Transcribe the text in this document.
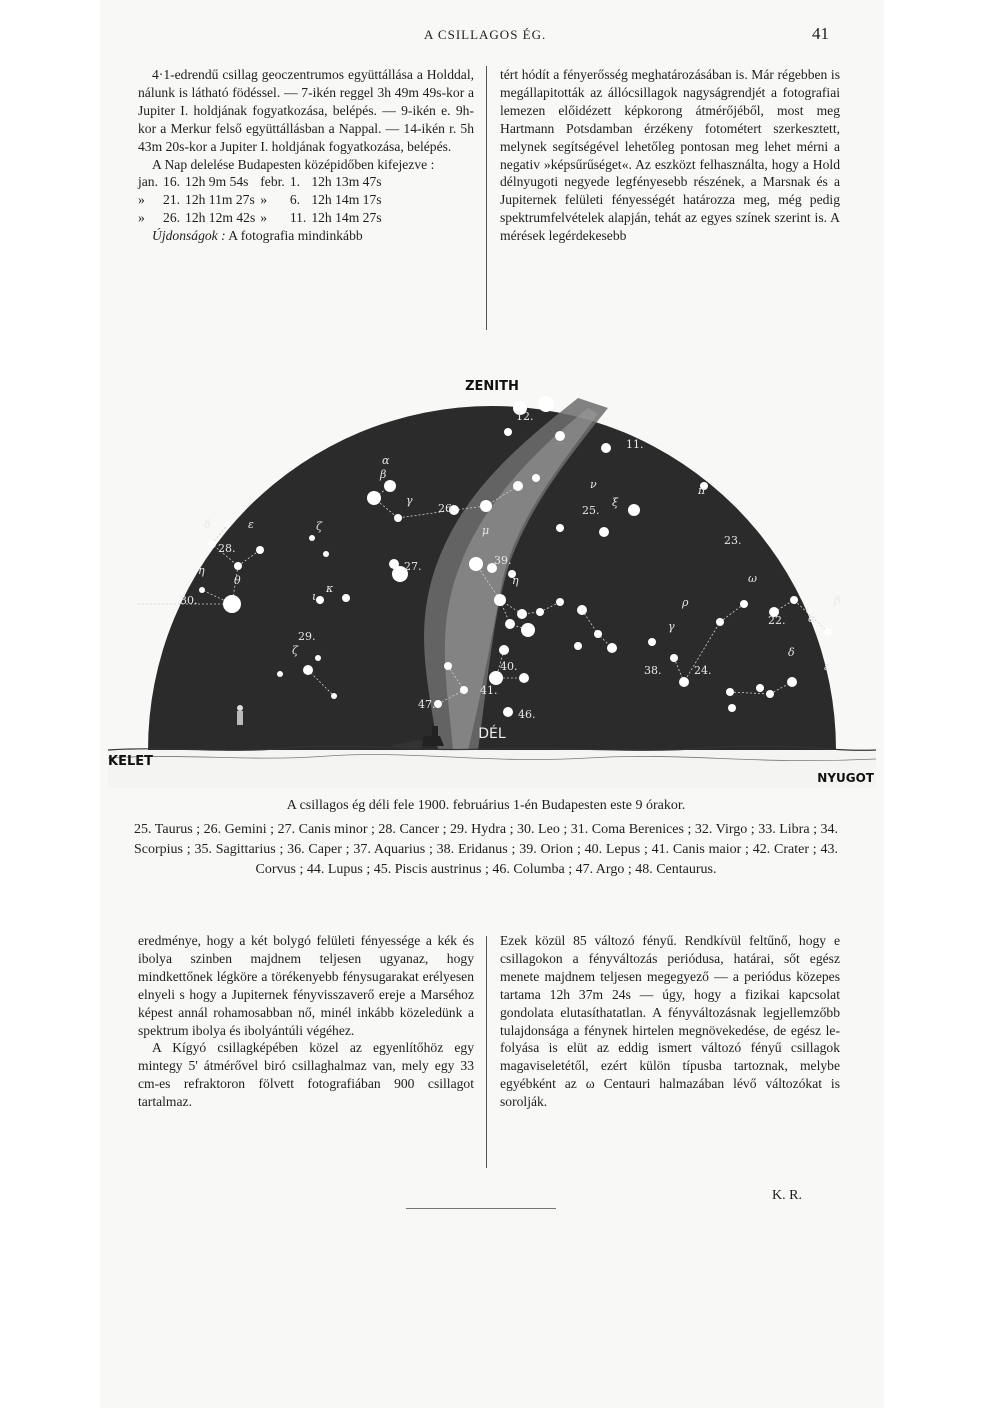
A CSILLAGOS ÉG.	41

4·1-edrendű csillag geoczentrumos együttállása a Holddal, nálunk is látható födéssel. — 7-ikén reggel 3h 49m 49s-kor a Jupiter I. holdjának fogyatkozása, belépés. — 9-ikén e. 9h-kor a Merkur felső együttállásban a Nappal. — 14-ikén r. 5h 43m 20s-kor a Jupiter I. holdjának fogyatkozása, belépés.

A Nap delelése Budapesten középidőben kifejezve :

jan.	16.	12h 9m 54s	febr.	1.	12h 13m 47s
»	21.	12h 11m 27s	»	6.	12h 14m 17s
»	26.	12h 12m 42s	»	11.	12h 14m 27s

Újdonságok : A fotografia mindinkább

tért hódít a fényerősség meghatározásában is. Már régebben is megállapitották az állócsillagok nagyságrendjét a fotografiai lemezen előidézett képkorong átmérőjéből, most meg Hartmann Potsdamban érzékeny fotométert szerkesztett, melynek segítségével lehetőleg pontosan meg lehet mérni a negativ »képsűrűséget«. Az eszközt felhasználta, hogy a Hold délnyugoti negyede legfényesebb részének, a Marsnak és a Jupiternek felületi fényességét határozza meg, még pedig spektrumfelvételek alapján, tehát az egyes színek szerint is. A mérések legérdekesebb
12.
11.
25.
26.
28.
27.
23.
22.
24.
29.
30.
39.
40.
41.
46.
47.
38.
α
β
γ
δ	ε	ζ
η
θ
ι
κ
μ
ν
ξ
π
ρ
ω
α
β
γ
δ
ε
ζ
η
ZENITH
DÉL
KELET
NYUGOT
A csillagos ég déli fele 1900. februárius 1-én Budapesten este 9 órakor.
25. Taurus ; 26. Gemini ; 27. Canis minor ; 28. Cancer ; 29. Hydra ; 30. Leo ; 31. Coma Berenices ; 32. Virgo ; 33. Libra ; 34. Scorpius ; 35. Sagittarius ; 36. Caper ; 37. Aquarius ; 38. Eridanus ; 39. Orion ; 40. Lepus ; 41. Canis maior ; 42. Crater ; 43. Corvus ; 44. Lupus ; 45. Piscis austrinus ; 46. Columba ; 47. Argo ; 48. Centaurus.

eredménye, hogy a két bolygó felületi fényessége a kék és ibolya szinben majdnem teljesen ugyanaz, hogy mindkettőnek légköre a törékenyebb fénysugarakat erélyesen elnyeli s hogy a Jupiternek fényvisszaverő ereje a Marséhoz képest annál rohamosabban nő, minél inkább közeledünk a spektrum ibolya és ibolyántúli végéhez.

A Kígyó csillagképében közel az egyenlítőhöz egy mintegy 5' átmérővel biró csillaghalmaz van, mely egy 33 cm-es refraktoron fölvett fotografiában 900 csillagot tartalmaz.

Ezek közül 85 változó fényű. Rendkívül feltűnő, hogy e csillagokon a fényváltozás periódusa, határai, sőt egész menete majdnem teljesen megegyező — a periódus közepes tartama 12h 37m 24s — úgy, hogy a fizikai kapcsolat gondolata elutasíthatatlan. A fényváltozásnak legjellemzőbb tulajdonsága a fénynek hirtelen megnövekedése, de egész lefolyása is elüt az eddig ismert változó fényű csillagok magaviseletétől, ezért külön típusba tartoznak, melybe egyébként az ω Centauri halmazában lévő változókat is sorolják.
K. R.
